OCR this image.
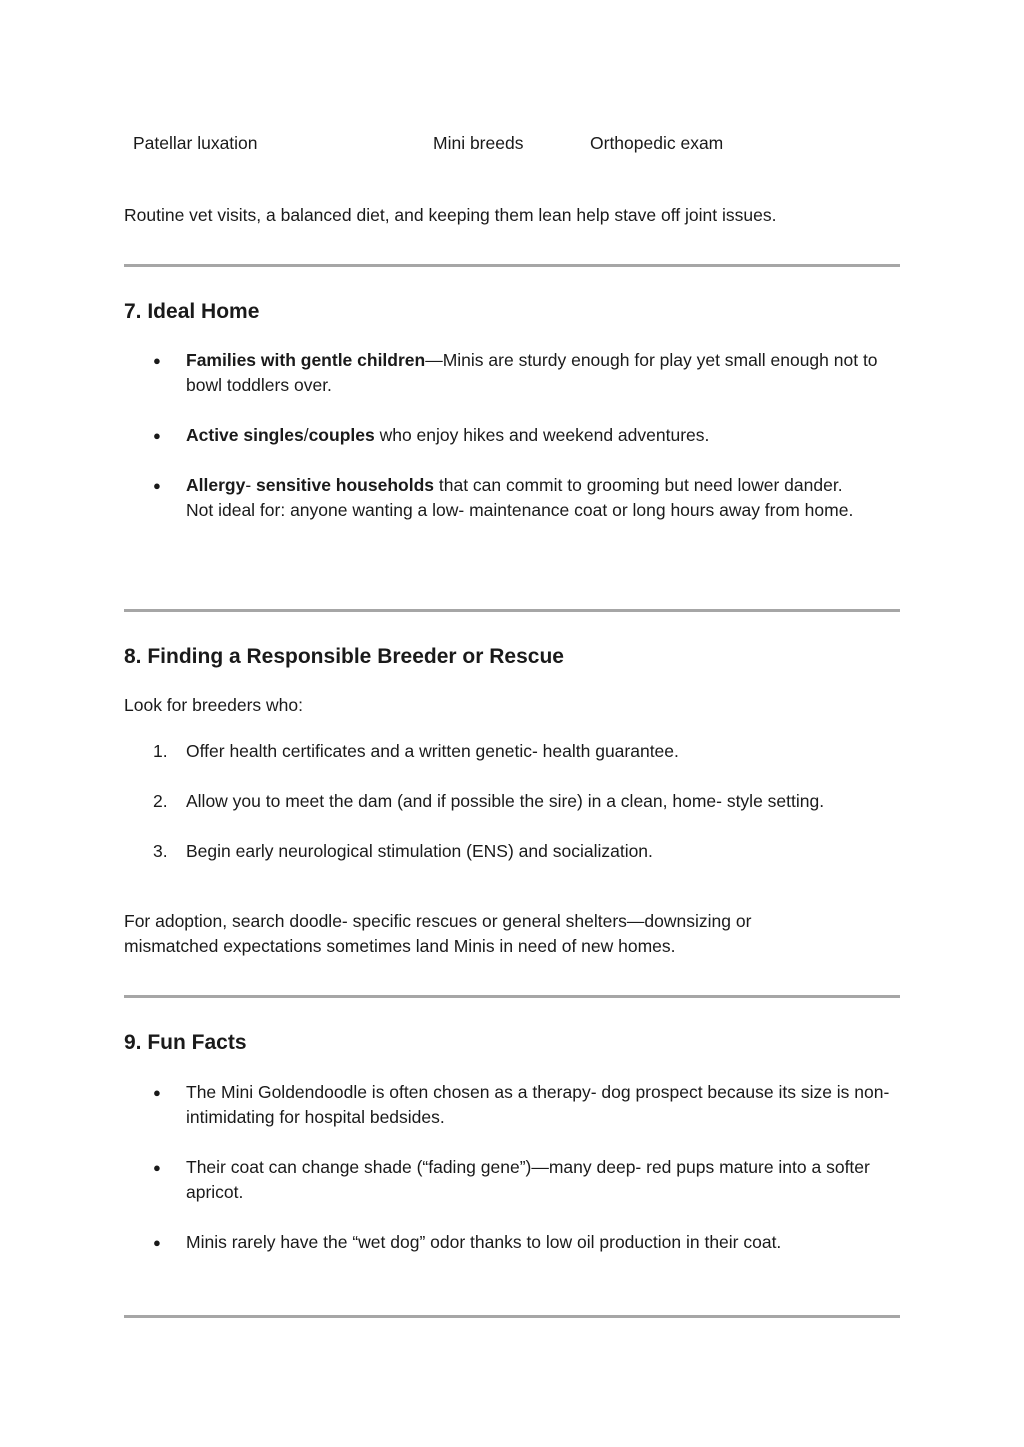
Patellar luxation	Mini breeds	Orthopedic exam
Routine vet visits, a balanced diet, and keeping them lean help stave off joint issues.
7. Ideal Home
● Families with gentle children—Minis are sturdy enough for play yet small enough not to bowl toddlers over.
● Active singles/couples who enjoy hikes and weekend adventures.
● Allergy‐ sensitive households that can commit to grooming but need lower dander.
Not ideal for: anyone wanting a low‐ maintenance coat or long hours away from home.
8. Finding a Responsible Breeder or Rescue
Look for breeders who:
1. Offer health certificates and a written genetic‐ health guarantee.
2. Allow you to meet the dam (and if possible the sire) in a clean, home‐ style setting.
3. Begin early neurological stimulation (ENS) and socialization.
For adoption, search doodle‐ specific rescues or general shelters—downsizing or mismatched expectations sometimes land Minis in need of new homes.
9. Fun Facts
● The Mini Goldendoodle is often chosen as a therapy‐ dog prospect because its size is non‐ intimidating for hospital bedsides.
● Their coat can change shade (“fading gene”)—many deep‐ red pups mature into a softer apricot.
● Minis rarely have the “wet dog” odor thanks to low oil production in their coat.
